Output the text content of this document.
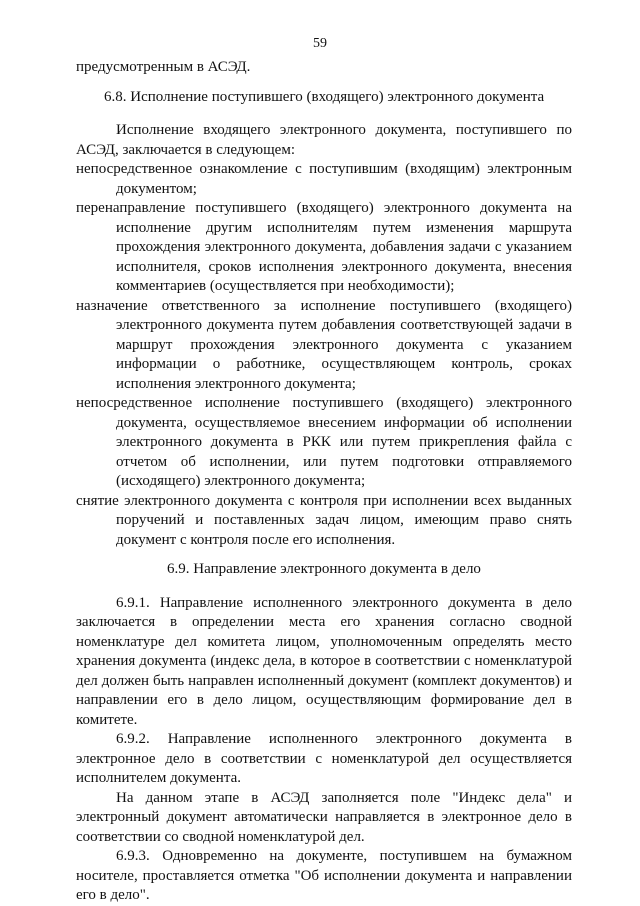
59

предусмотренным в АСЭД.

6.8. Исполнение поступившего (входящего) электронного документа

Исполнение входящего электронного документа, поступившего по АСЭД, заключается в следующем:

непосредственное ознакомление с поступившим (входящим) электронным документом;

перенаправление поступившего (входящего) электронного документа на исполнение другим исполнителям путем изменения маршрута прохождения электронного документа, добавления задачи с указанием исполнителя, сроков исполнения электронного документа, внесения комментариев (осуществляется при необходимости);

назначение ответственного за исполнение поступившего (входящего) электронного документа путем добавления соответствующей задачи в маршрут прохождения электронного документа с указанием информации о работнике, осуществляющем контроль, сроках исполнения электронного документа;

непосредственное исполнение поступившего (входящего) электронного документа, осуществляемое внесением информации об исполнении электронного документа в РКК или путем прикрепления файла с отчетом об исполнении, или путем подготовки отправляемого (исходящего) электронного документа;

снятие электронного документа с контроля при исполнении всех выданных поручений и поставленных задач лицом, имеющим право снять документ с контроля после его исполнения.

6.9. Направление электронного документа в дело

6.9.1. Направление исполненного электронного документа в дело заключается в определении места его хранения согласно сводной номенклатуре дел комитета лицом, уполномоченным определять место хранения документа (индекс дела, в которое в соответствии с номенклатурой дел должен быть направлен исполненный документ (комплект документов) и направлении его в дело лицом, осуществляющим формирование дел в комитете.

6.9.2. Направление исполненного электронного документа в электронное дело в соответствии с номенклатурой дел осуществляется исполнителем документа.

На данном этапе в АСЭД заполняется поле "Индекс дела" и электронный документ автоматически направляется в электронное дело в соответствии со сводной номенклатурой дел.

6.9.3. Одновременно на документе, поступившем на бумажном носителе, проставляется отметка "Об исполнении документа и направлении его в дело".
